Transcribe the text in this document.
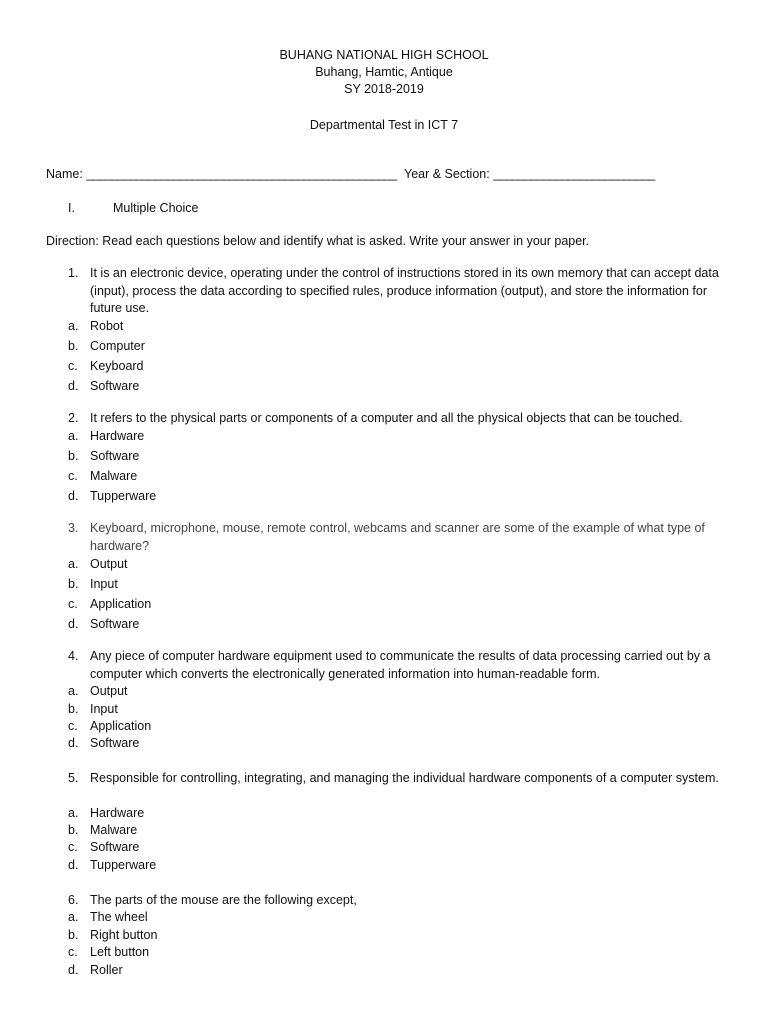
BUHANG NATIONAL HIGH SCHOOL
Buhang, Hamtic, Antique
SY 2018-2019
Departmental Test in ICT 7
Name: __________________________________________________ Year & Section: __________________________
I.	Multiple Choice
Direction: Read each questions below and identify what is asked. Write your answer in your paper.
1. It is an electronic device, operating under the control of instructions stored in its own memory that can accept data (input), process the data according to specified rules, produce information (output), and store the information for future use.
a. Robot
b. Computer
c. Keyboard
d. Software
2. It refers to the physical parts or components of a computer and all the physical objects that can be touched.
a. Hardware
b. Software
c. Malware
d. Tupperware
3. Keyboard, microphone, mouse, remote control, webcams and scanner are some of the example of what type of hardware?
a. Output
b. Input
c. Application
d. Software
4. Any piece of computer hardware equipment used to communicate the results of data processing carried out by a computer which converts the electronically generated information into human-readable form.
a. Output
b. Input
c. Application
d. Software
5. Responsible for controlling, integrating, and managing the individual hardware components of a computer system.
a. Hardware
b. Malware
c. Software
d. Tupperware
6. The parts of the mouse are the following except,
a. The wheel
b. Right button
c. Left button
d. Roller
